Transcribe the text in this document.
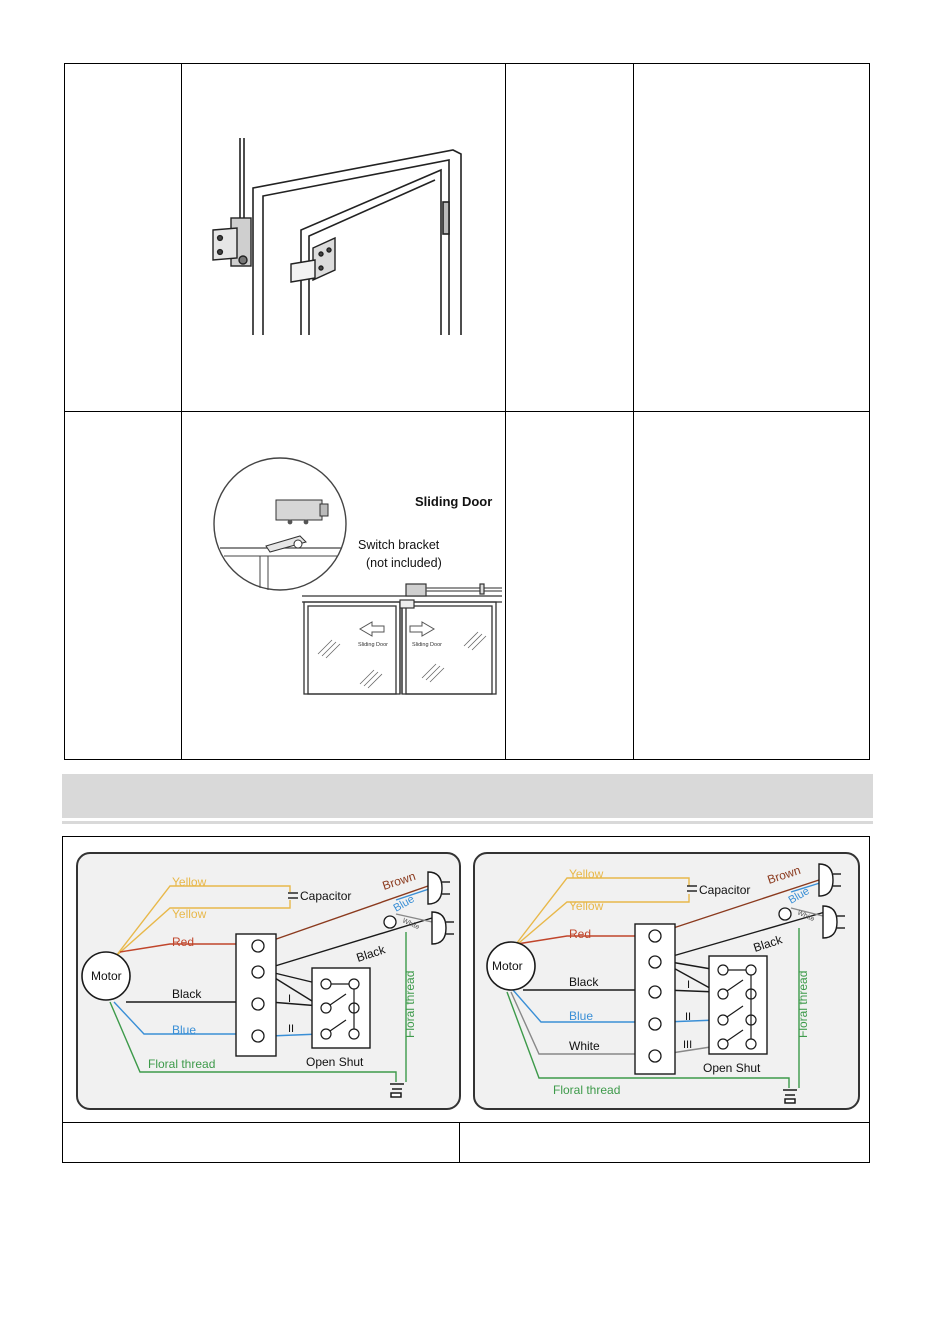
Sliding Door
Switch bracket
(not included)
Sliding Door	Sliding Door
Motor
Yellow
Yellow
Capacitor
Red
Black
Blue
Floral thread
Brown
Blue
White
Black
I
II
Open Shut
Floral thread
Motor
Yellow
Yellow
Capacitor
Red
Black
Blue
White
Floral thread
Brown
Blue
White
Black
I
II
III
Open Shut
Floral thread
